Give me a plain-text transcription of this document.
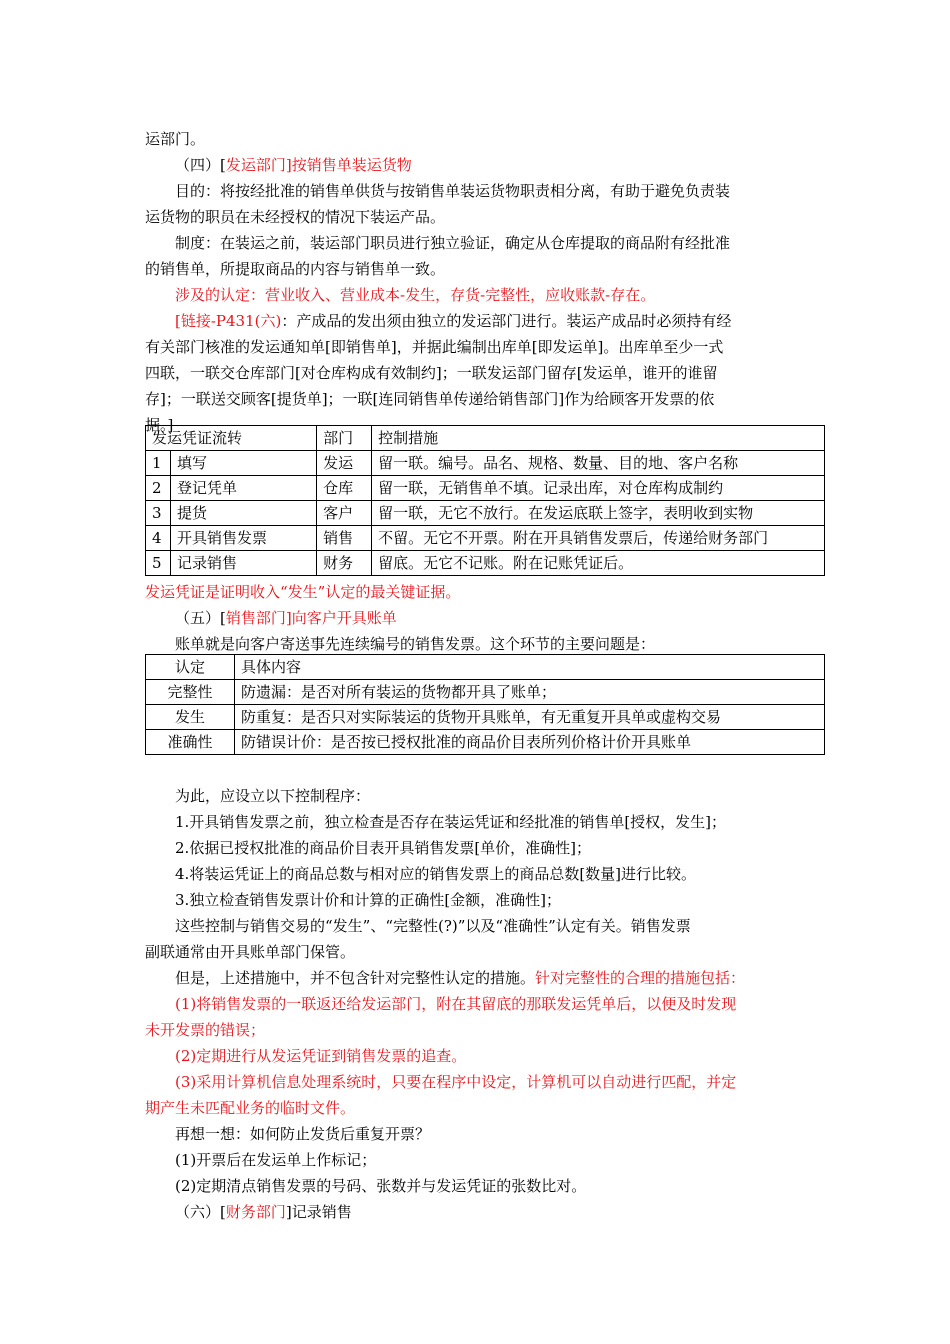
运部门。
（四）[发运部门]按销售单装运货物
目的：将按经批准的销售单供货与按销售单装运货物职责相分离，有助于避免负责装
运货物的职员在未经授权的情况下装运产品。
制度：在装运之前，装运部门职员进行独立验证，确定从仓库提取的商品附有经批准
的销售单，所提取商品的内容与销售单一致。
涉及的认定：营业收入、营业成本-发生，存货-完整性，应收账款-存在。
[链接-P431(六)：产成品的发出须由独立的发运部门进行。装运产成品时必须持有经
有关部门核准的发运通知单[即销售单]，并据此编制出库单[即发运单]。出库单至少一式
四联，一联交仓库部门[对仓库构成有效制约]；一联发运部门留存[发运单，谁开的谁留
存]；一联送交顾客[提货单]；一联[连同销售单传递给销售部门]作为给顾客开发票的依
据。]
发运凭证流转		部门	控制措施
1	填写	发运	留一联。编号。品名、规格、数量、目的地、客户名称
2	登记凭单	仓库	留一联，无销售单不填。记录出库，对仓库构成制约
3	提货	客户	留一联，无它不放行。在发运底联上签字，表明收到实物
4	开具销售发票	销售	不留。无它不开票。附在开具销售发票后，传递给财务部门
5	记录销售	财务	留底。无它不记账。附在记账凭证后。
发运凭证是证明收入“发生”认定的最关键证据。
（五）[销售部门]向客户开具账单
账单就是向客户寄送事先连续编号的销售发票。这个环节的主要问题是：
认定	具体内容
完整性	防遗漏：是否对所有装运的货物都开具了账单；
发生	防重复：是否只对实际装运的货物开具账单，有无重复开具单或虚构交易
准确性	防错误计价：是否按已授权批准的商品价目表所列价格计价开具账单
为此，应设立以下控制程序：
1.开具销售发票之前，独立检查是否存在装运凭证和经批准的销售单[授权，发生]；
2.依据已授权批准的商品价目表开具销售发票[单价，准确性]；
4.将装运凭证上的商品总数与相对应的销售发票上的商品总数[数量]进行比较。
3.独立检查销售发票计价和计算的正确性[金额，准确性]；
这些控制与销售交易的“发生”、“完整性(?)”以及“准确性”认定有关。销售发票
副联通常由开具账单部门保管。
但是，上述措施中，并不包含针对完整性认定的措施。针对完整性的合理的措施包括：
(1)将销售发票的一联返还给发运部门，附在其留底的那联发运凭单后，以便及时发现
未开发票的错误；
(2)定期进行从发运凭证到销售发票的追查。
(3)采用计算机信息处理系统时，只要在程序中设定，计算机可以自动进行匹配，并定
期产生未匹配业务的临时文件。
再想一想：如何防止发货后重复开票？
(1)开票后在发运单上作标记；
(2)定期清点销售发票的号码、张数并与发运凭证的张数比对。
（六）[财务部门]记录销售
